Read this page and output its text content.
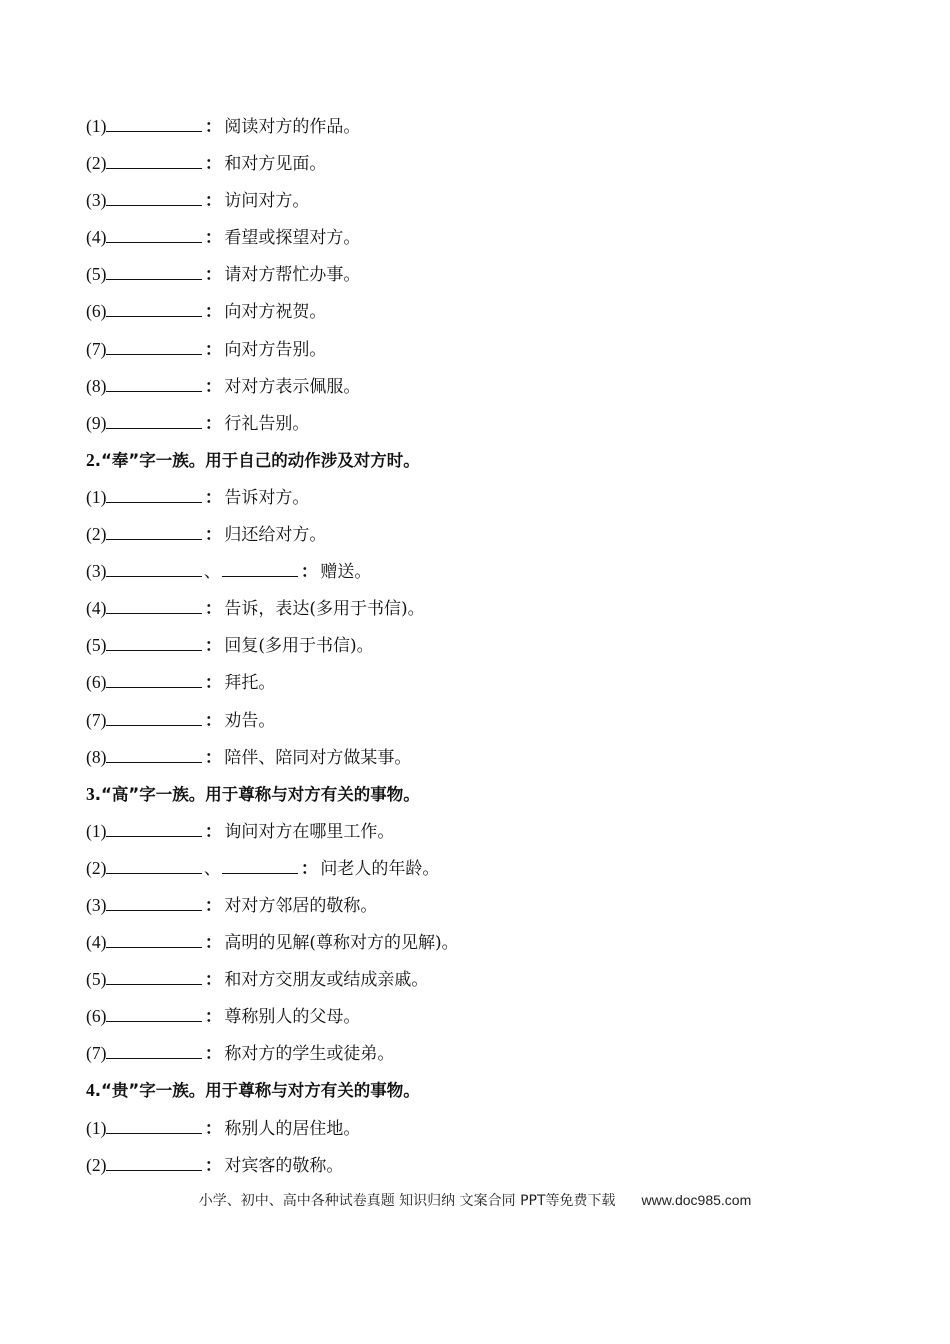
(1)	： 阅读对方的作品。
(2)	： 和对方见面。
(3)	： 访问对方。
(4)	： 看望或探望对方。
(5)	： 请对方帮忙办事。
(6)	： 向对方祝贺。
(7)	： 向对方告别。
(8)	： 对对方表示佩服。
(9)	： 行礼告别。
2.“奉”字一族。用于自己的动作涉及对方时。
(1)	： 告诉对方。
(2)	： 归还给对方。
(3)	、	： 赠送。
(4)	： 告诉，表达(多用于书信)。
(5)	： 回复(多用于书信)。
(6)	： 拜托。
(7)	： 劝告。
(8)	： 陪伴、陪同对方做某事。
3.“高”字一族。用于尊称与对方有关的事物。
(1)	： 询问对方在哪里工作。
(2)	、	： 问老人的年龄。
(3)	： 对对方邻居的敬称。
(4)	： 高明的见解(尊称对方的见解)。
(5)	： 和对方交朋友或结成亲戚。
(6)	： 尊称别人的父母。
(7)	： 称对方的学生或徒弟。
4.“贵”字一族。用于尊称与对方有关的事物。
(1)	： 称别人的居住地。
(2)	： 对宾客的敬称。
小学、初中、高中各种试卷真题 知识归纳 文案合同 PPT等免费下载 www.doc985.com
